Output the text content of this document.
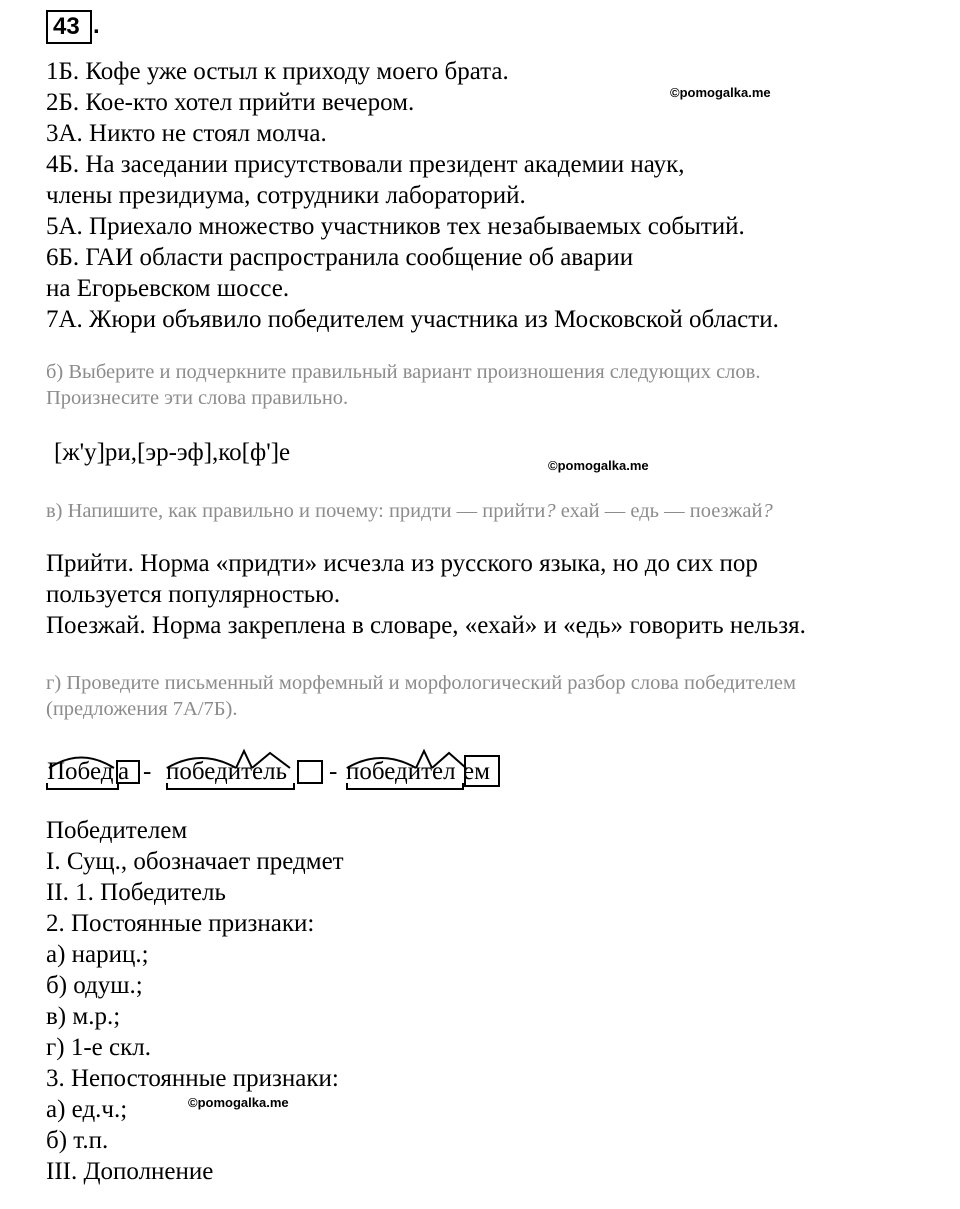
43 .
1Б. Кофе уже остыл к приходу моего брата.
2Б. Кое-кто хотел прийти вечером.
3А. Никто не стоял молча.
4Б. На заседании присутствовали президент академии наук,
члены президиума, сотрудники лабораторий.
5А. Приехало множество участников тех незабываемых событий.
6Б. ГАИ области распространила сообщение об аварии
на Егорьевском шоссе.
7А. Жюри объявило победителем участника из Московской области.
©pomogalka.me
б) Выберите и подчеркните правильный вариант произношения следующих слов.
Произнесите эти слова правильно.
[ж'у]ри,[эр-эф],ко[ф']е	©pomogalka.me
в) Напишите, как правильно и почему: придти — прийти? ехай — едь — поезжай?
Прийти. Норма «придти» исчезла из русского языка, но до сих пор
пользуется популярностью.
Поезжай. Норма закреплена в словаре, «ехай» и «едь» говорить нельзя.
г) Проведите письменный морфемный и морфологический разбор слова победителем
(предложения 7А/7Б).
Побед а - победитель - победител ем
Победителем
I. Сущ., обозначает предмет
II. 1. Победитель
2. Постоянные признаки:
а) нариц.;
б) одуш.;
в) м.р.;
г) 1-е скл.
3. Непостоянные признаки:
а) ед.ч.;
б) т.п.
III. Дополнение
©pomogalka.me
